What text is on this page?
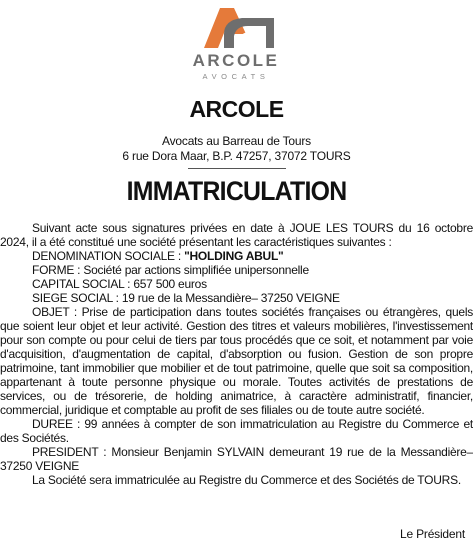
ARCOLE
AVOCATS
ARCOLE
Avocats au Barreau de Tours
6 rue Dora Maar, B.P. 47257, 37072 TOURS
IMMATRICULATION

Suivant acte sous signatures privées en date à JOUE LES TOURS du 16 octobre 2024, il a été constitué une société présentant les caractéristiques suivantes :

DENOMINATION SOCIALE : "HOLDING ABUL"

FORME : Société par actions simplifiée unipersonnelle

CAPITAL SOCIAL : 657 500 euros

SIEGE SOCIAL : 19 rue de la Messandière– 37250 VEIGNE

OBJET : Prise de participation dans toutes sociétés françaises ou étrangères, quels que soient leur objet et leur activité. Gestion des titres et valeurs mobilières, l'investissement pour son compte ou pour celui de tiers par tous procédés que ce soit, et notamment par voie d'acquisition, d'augmentation de capital, d'absorption ou fusion. Gestion de son propre patrimoine, tant immobilier que mobilier et de tout patrimoine, quelle que soit sa composition, appartenant à toute personne physique ou morale. Toutes activités de prestations de services, ou de trésorerie, de holding animatrice, à caractère administratif, financier, commercial, juridique et comptable au profit de ses filiales ou de toute autre société.

DUREE : 99 années à compter de son immatriculation au Registre du Commerce et des Sociétés.

PRESIDENT : Monsieur Benjamin SYLVAIN demeurant 19 rue de la Messandière– 37250 VEIGNE

La Société sera immatriculée au Registre du Commerce et des Sociétés de TOURS.

Le Président
